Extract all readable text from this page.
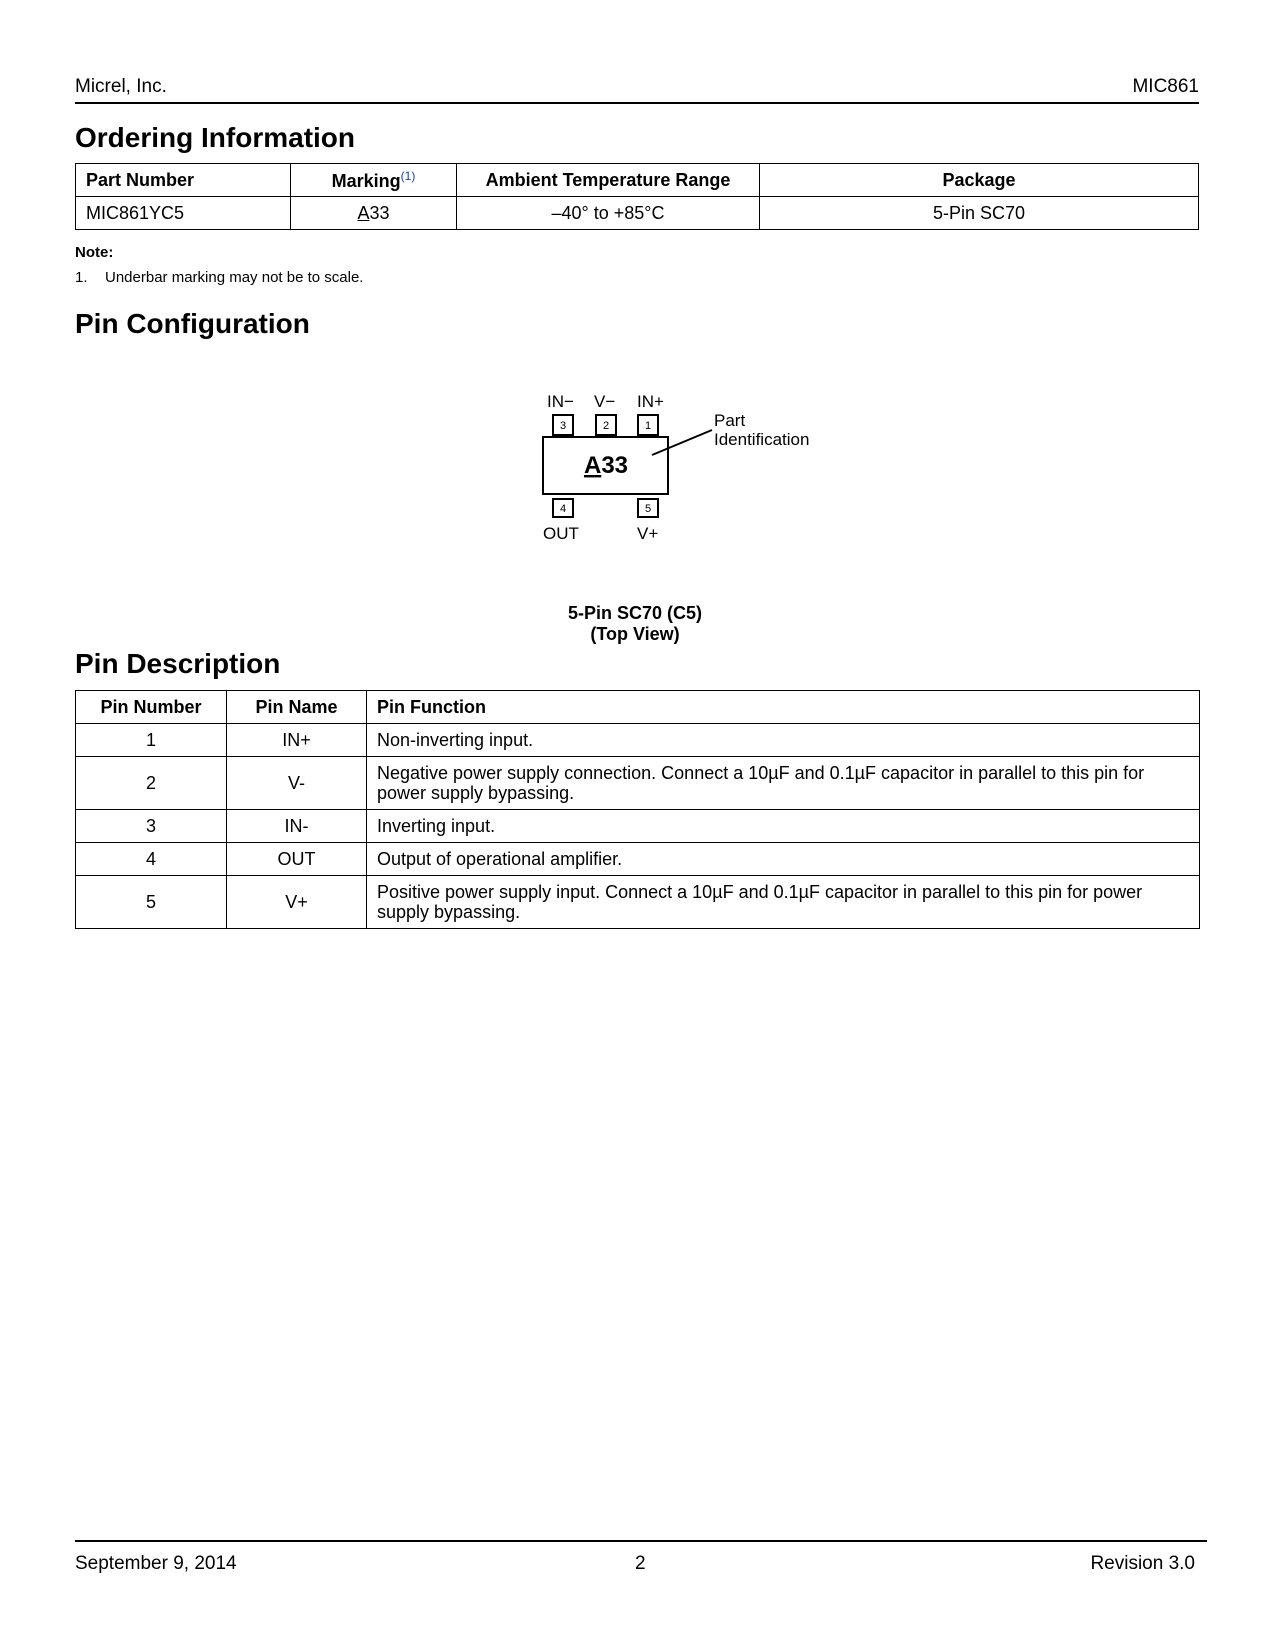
Micrel, Inc.	MIC861
Ordering Information
Part Number	Marking$^{(1)}$	Ambient Temperature Range	Package
MIC861YC5	A33	–40° to +85°C	5-Pin SC70
Note:
1. Underbar marking may not be to scale.
Pin Configuration
IN− V− IN+
3	2	1
4	5
A33
Part
Identification
OUT	V+
5-Pin SC70 (C5)
(Top View)
Pin Description
Pin Number	Pin Name	Pin Function
1	IN+	Non-inverting input.
2	V-	Negative power supply connection. Connect a 10µF and 0.1µF capacitor in parallel to this pin for power supply bypassing.
3	IN-	Inverting input.
4	OUT	Output of operational amplifier.
5	V+	Positive power supply input. Connect a 10µF and 0.1µF capacitor in parallel to this pin for power supply bypassing.
September 9, 2014	2	Revision 3.0
